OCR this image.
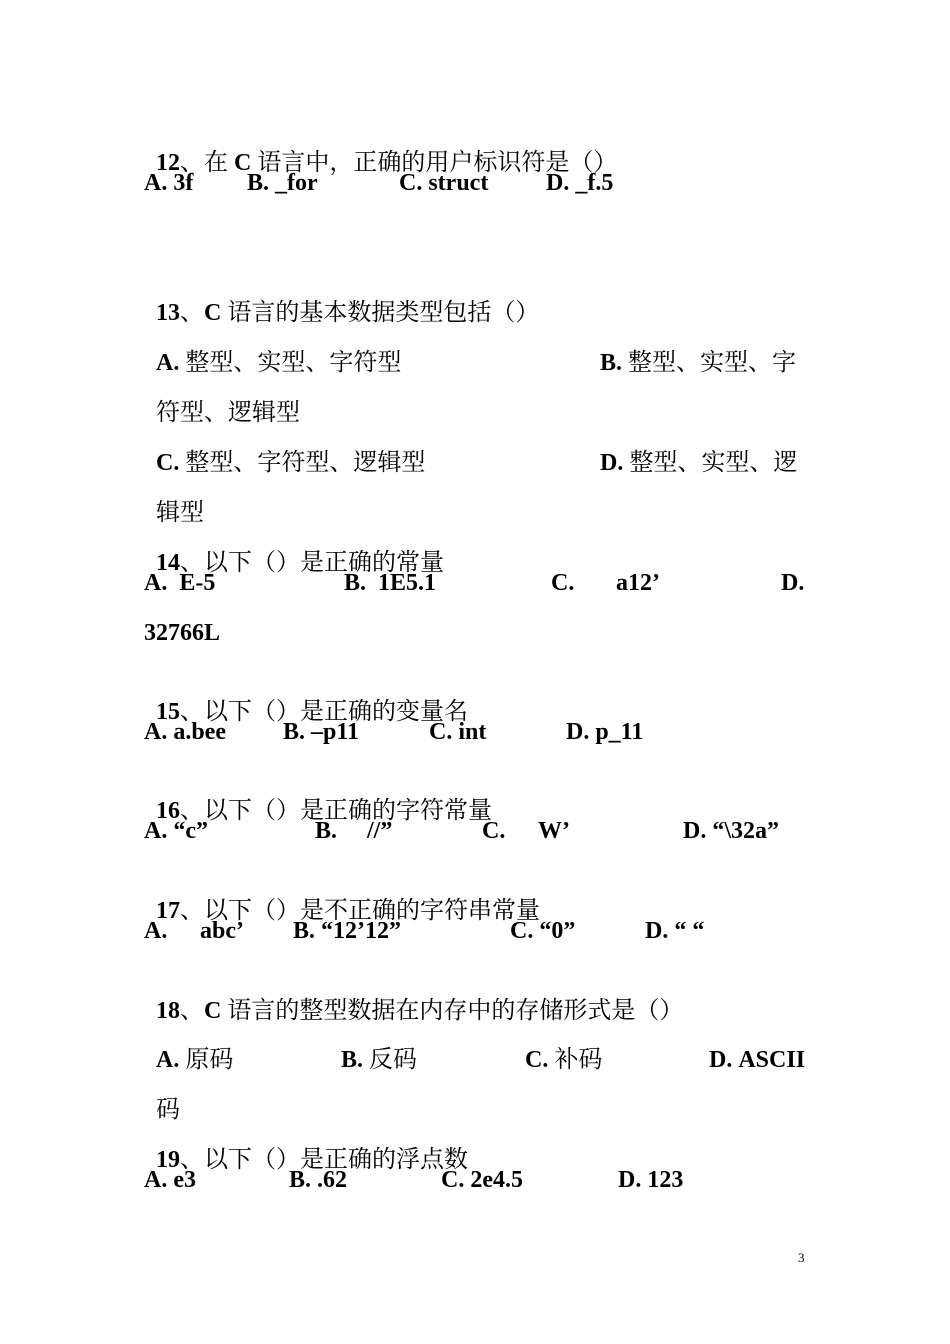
12、在 C 语言中，正确的用户标识符是（）

A. 3f B. _for	C. struct D. _f.5

13、C 语言的基本数据类型包括（）

A. 整型、实型、字符型	B. 整型、实型、字

符型、逻辑型

C. 整型、字符型、逻辑型	D. 整型、实型、逻

辑型

14、以下（）是正确的常量

A.  E-5	B.  1E5.1	C. a12’	D.
32766L

15、以下（）是正确的变量名

A. a.bee B. –p11	C. int	D. p_11

16、以下（）是正确的字符常量

A. “c”	B. //”	C. W’	D. “\32a”

17、以下（）是不正确的字符串常量

A. abc’ B. “12’12”	C. “0”	D. “ “

18、C 语言的整型数据在内存中的存储形式是（）

A. 原码	B. 反码	C. 补码	D. ASCII

码

19、以下（）是正确的浮点数

A. e3	B. .62	C. 2e4.5	D. 123
3
